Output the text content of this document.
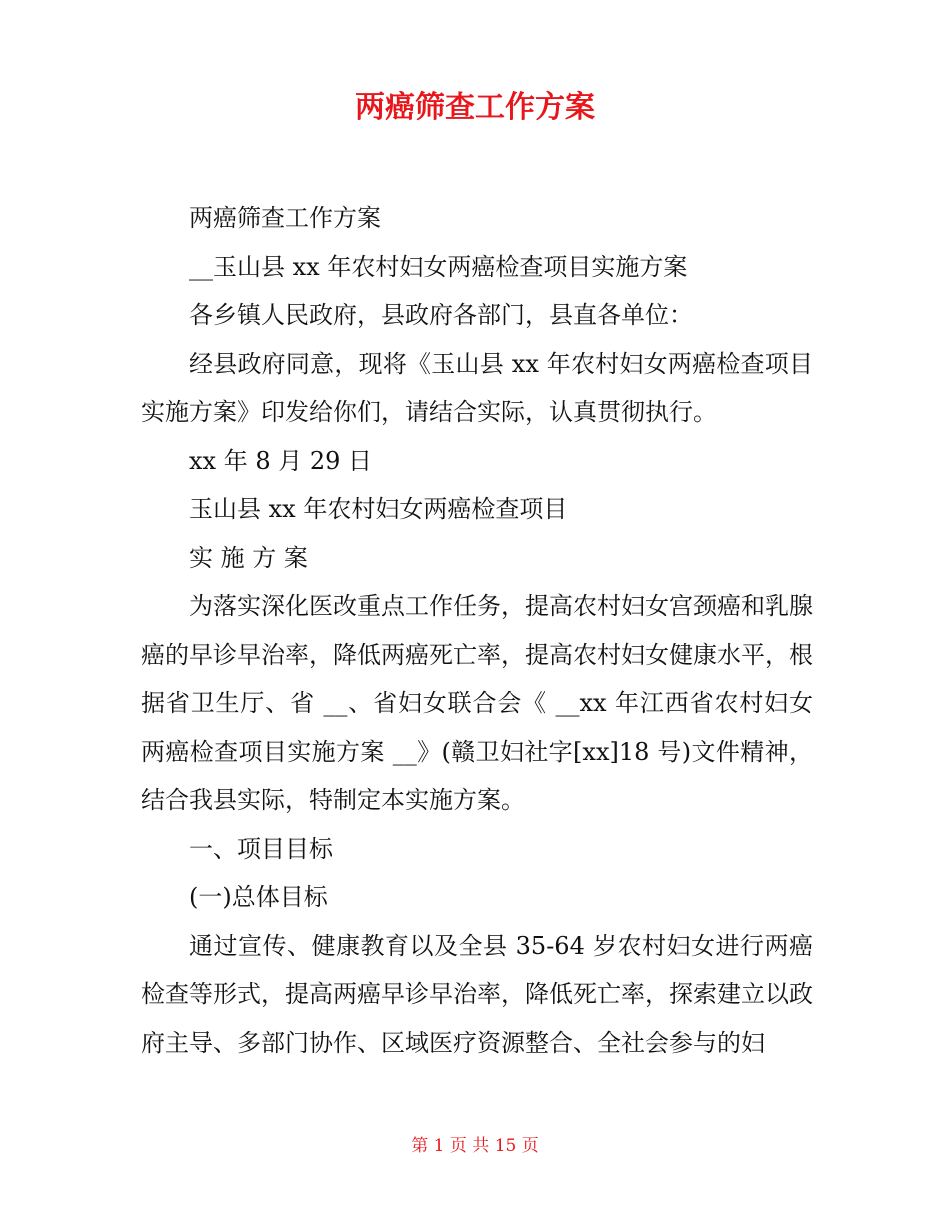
两癌筛查工作方案

两癌筛查工作方案

__玉山县 xx 年农村妇女两癌检查项目实施方案

各乡镇人民政府，县政府各部门，县直各单位：

经县政府同意，现将《玉山县 xx 年农村妇女两癌检查项目实施方案》印发给你们，请结合实际，认真贯彻执行。

xx 年 8 月 29 日

玉山县 xx 年农村妇女两癌检查项目

实 施 方 案

为落实深化医改重点工作任务，提高农村妇女宫颈癌和乳腺癌的早诊早治率，降低两癌死亡率，提高农村妇女健康水平，根据省卫生厅、省 __、省妇女联合会《 __xx 年江西省农村妇女两癌检查项目实施方案 __》(赣卫妇社字[xx]18 号)文件精神，结合我县实际，特制定本实施方案。

一、项目目标

(一)总体目标

通过宣传、健康教育以及全县 35-64 岁农村妇女进行两癌检查等形式，提高两癌早诊早治率，降低死亡率，探索建立以政府主导、多部门协作、区域医疗资源整合、全社会参与的妇

第 1 页 共 15 页
